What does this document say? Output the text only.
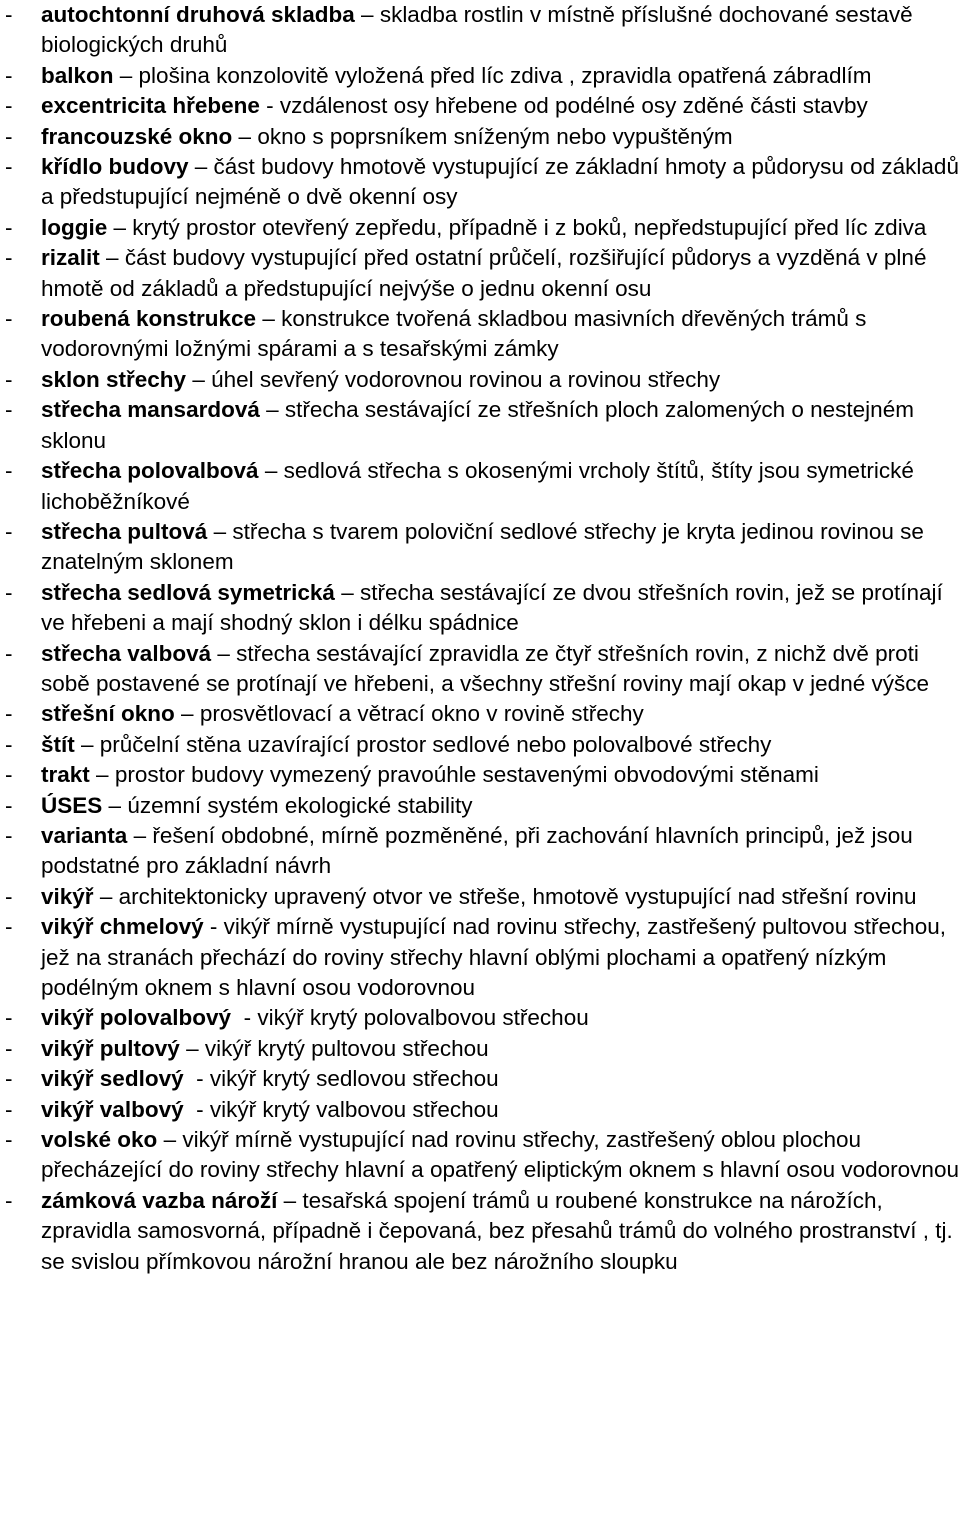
- autochtonní druhová skladba – skladba rostlin v místně příslušné dochované sestavě biologických druhů
- balkon – plošina konzolovitě vyložená před líc zdiva , zpravidla opatřená zábradlím
- excentricita hřebene - vzdálenost osy hřebene od podélné osy zděné části stavby
- francouzské okno – okno s poprsníkem sníženým nebo vypuštěným
- křídlo budovy – část budovy hmotově vystupující ze základní hmoty a půdorysu od základů a předstupující nejméně o dvě okenní osy
- loggie – krytý prostor otevřený zepředu, případně i z boků, nepředstupující před líc zdiva
- rizalit – část budovy vystupující před ostatní průčelí, rozšiřující půdorys a vyzděná v plné hmotě od základů a předstupující nejvýše o jednu okenní osu
- roubená konstrukce – konstrukce tvořená skladbou masivních dřevěných trámů s vodorovnými ložnými spárami a s tesařskými zámky
- sklon střechy – úhel sevřený vodorovnou rovinou a rovinou střechy
- střecha mansardová – střecha sestávající ze střešních ploch zalomených o nestejném sklonu
- střecha polovalbová – sedlová střecha s okosenými vrcholy štítů, štíty jsou symetrické lichoběžníkové
- střecha pultová – střecha s tvarem poloviční sedlové střechy je kryta jedinou rovinou se znatelným sklonem
- střecha sedlová symetrická – střecha sestávající ze dvou střešních rovin, jež se protínají ve hřebeni a mají shodný sklon i délku spádnice
- střecha valbová – střecha sestávající zpravidla ze čtyř střešních rovin, z nichž dvě proti sobě postavené se protínají ve hřebeni, a všechny střešní roviny mají okap v jedné výšce
- střešní okno – prosvětlovací a větrací okno v rovině střechy
- štít – průčelní stěna uzavírající prostor sedlové nebo polovalbové střechy
- trakt – prostor budovy vymezený pravoúhle sestavenými obvodovými stěnami
- ÚSES – územní systém ekologické stability
- varianta – řešení obdobné, mírně pozměněné, při zachování hlavních principů, jež jsou podstatné pro základní návrh
- vikýř – architektonicky upravený otvor ve střeše, hmotově vystupující nad střešní rovinu
- vikýř chmelový - vikýř mírně vystupující nad rovinu střechy, zastřešený pultovou střechou, jež na stranách přechází do roviny střechy hlavní oblými plochami a opatřený nízkým podélným oknem s hlavní osou vodorovnou
- vikýř polovalbový  - vikýř krytý polovalbovou střechou
- vikýř pultový – vikýř krytý pultovou střechou
- vikýř sedlový  - vikýř krytý sedlovou střechou
- vikýř valbový  - vikýř krytý valbovou střechou
- volské oko – vikýř mírně vystupující nad rovinu střechy, zastřešený oblou plochou přecházející do roviny střechy hlavní a opatřený eliptickým oknem s hlavní osou vodorovnou
- zámková vazba nároží – tesařská spojení trámů u roubené konstrukce na nárožích, zpravidla samosvorná, případně i čepovaná, bez přesahů trámů do volného prostranství , tj. se svislou přímkovou nárožní hranou ale bez nárožního sloupku
